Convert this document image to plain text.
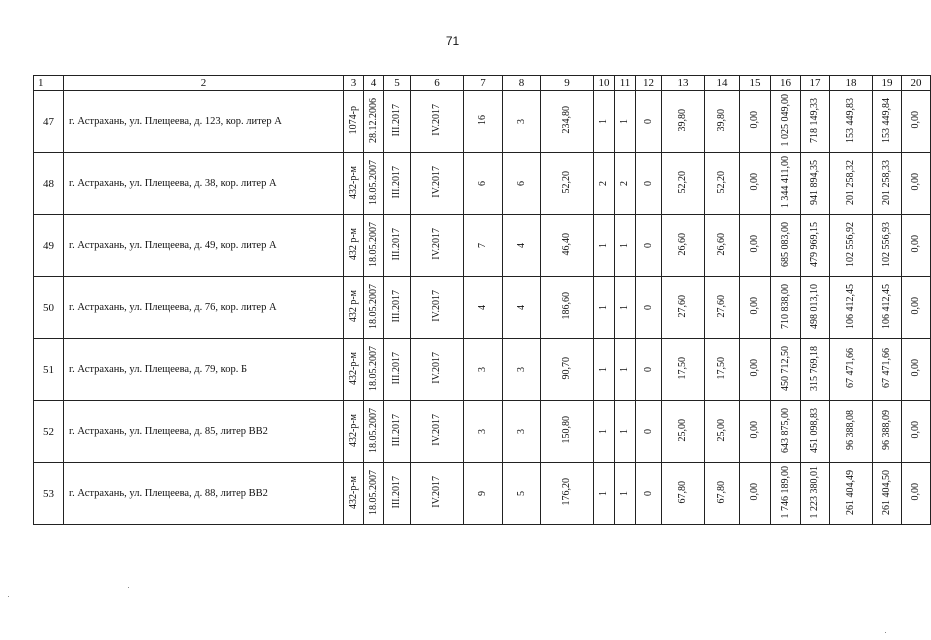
71
1	2	3	4	5	6	7	8	9	10	11	12	13	14	15	16	17	18	19	20
47	г. Астрахань, ул. Плещеева, д. 123, кор. литер А	1074-р	28.12.2006	III.2017	IV.2017	16	3	234,80	1	1	0	39,80	39,80	0,00	1 025 049,00	718 149,33	153 449,83	153 449,84	0,00
48	г. Астрахань, ул. Плещеева, д. 38, кор. литер А	432-р-м	18.05.2007	III.2017	IV.2017	6	6	52,20	2	2	0	52,20	52,20	0,00	1 344 411,00	941 894,35	201 258,32	201 258,33	0,00
49	г. Астрахань, ул. Плещеева, д. 49, кор. литер А	432 р-м	18.05.2007	III.2017	IV.2017	7	4	46,40	1	1	0	26,60	26,60	0,00	685 083,00	479 969,15	102 556,92	102 556,93	0,00
50	г. Астрахань, ул. Плещеева, д. 76, кор. литер А	432 р-м	18.05.2007	III.2017	IV.2017	4	4	186,60	1	1	0	27,60	27,60	0,00	710 838,00	498 013,10	106 412,45	106 412,45	0,00
51	г. Астрахань, ул. Плещеева, д. 79, кор. Б	432-р-м	18.05.2007	III.2017	IV.2017	3	3	90,70	1	1	0	17,50	17,50	0,00	450 712,50	315 769,18	67 471,66	67 471,66	0,00
52	г. Астрахань, ул. Плещеева, д. 85, литер ВВ2	432-р-м	18.05.2007	III.2017	IV.2017	3	3	150,80	1	1	0	25,00	25,00	0,00	643 875,00	451 098,83	96 388,08	96 388,09	0,00
53	г. Астрахань, ул. Плещеева, д. 88, литер ВВ2	432-р-м	18.05.2007	III.2017	IV.2017	9	5	176,20	1	1	0	67,80	67,80	0,00	1 746 189,00	1 223 380,01	261 404,49	261 404,50	0,00
